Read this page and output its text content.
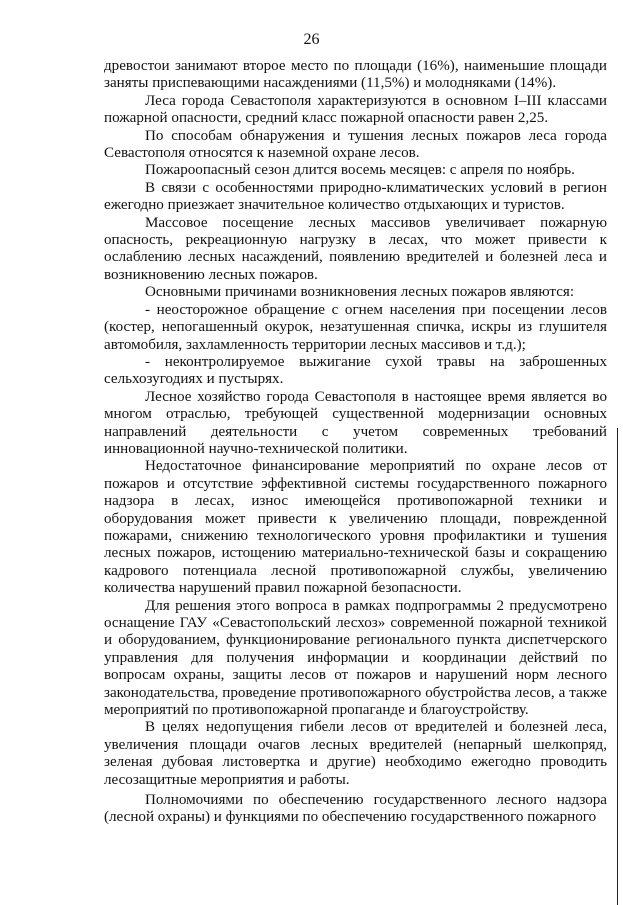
26

древостои занимают второе место по площади (16%), наименьшие площади заняты приспевающими насаждениями (11,5%) и молодняками (14%).

Леса города Севастополя характеризуются в основном I–III классами пожарной опасности, средний класс пожарной опасности равен 2,25.

По способам обнаружения и тушения лесных пожаров леса города Севастополя относятся к наземной охране лесов.

Пожароопасный сезон длится восемь месяцев: с апреля по ноябрь.

В связи с особенностями природно-климатических условий в регион ежегодно приезжает значительное количество отдыхающих и туристов.

Массовое посещение лесных массивов увеличивает пожарную опасность, рекреационную нагрузку в лесах, что может привести к ослаблению лесных насаждений, появлению вредителей и болезней леса и возникновению лесных пожаров.

Основными причинами возникновения лесных пожаров являются:

- неосторожное обращение с огнем населения при посещении лесов (костер, непогашенный окурок, незатушенная спичка, искры из глушителя автомобиля, захламленность территории лесных массивов и т.д.);

- неконтролируемое выжигание сухой травы на заброшенных сельхозугодиях и пустырях.

Лесное хозяйство города Севастополя в настоящее время является во многом отраслью, требующей существенной модернизации основных направлений деятельности с учетом современных требований инновационной научно-технической политики.

Недостаточное финансирование мероприятий по охране лесов от пожаров и отсутствие эффективной системы государственного пожарного надзора в лесах, износ имеющейся противопожарной техники и оборудования может привести к увеличению площади, поврежденной пожарами, снижению технологического уровня профилактики и тушения лесных пожаров, истощению материально-технической базы и сокращению кадрового потенциала лесной противопожарной службы, увеличению количества нарушений правил пожарной безопасности.

Для решения этого вопроса в рамках подпрограммы 2 предусмотрено оснащение ГАУ «Севастопольский лесхоз» современной пожарной техникой и оборудованием, функционирование регионального пункта диспетчерского управления для получения информации и координации действий по вопросам охраны, защиты лесов от пожаров и нарушений норм лесного законодательства, проведение противопожарного обустройства лесов, а также мероприятий по противопожарной пропаганде и благоустройству.

В целях недопущения гибели лесов от вредителей и болезней леса, увеличения площади очагов лесных вредителей (непарный шелкопряд, зеленая дубовая листовертка и другие) необходимо ежегодно проводить лесозащитные мероприятия и работы.

Полномочиями по обеспечению государственного лесного надзора (лесной охраны) и функциями по обеспечению государственного пожарного
